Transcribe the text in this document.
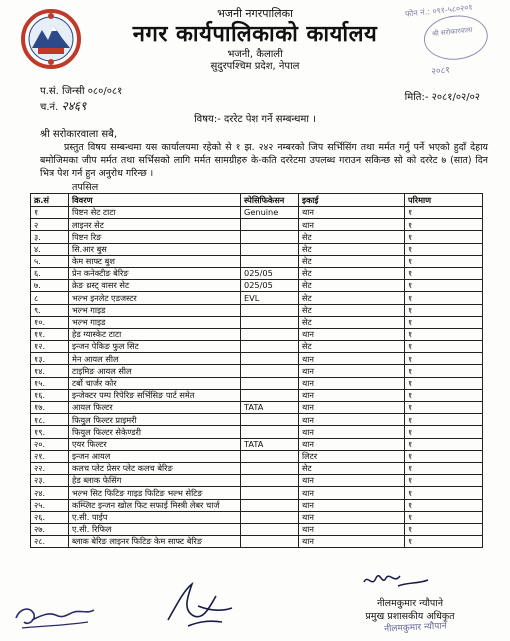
भजनी नगरपालिका
नगर कार्यपालिकाको कार्यालय
भजनी, कैलाली
सुदुरपश्चिम प्रदेश, नेपाल
फोन नं.: ०९१-५८०२०१
श्री सरोकारवाला
२०८१
प.सं. जिन्सी ०८०/०८१
च.नं. २४६९
मिति:- २०८१/०२/०२
विषय:- दररेट पेश गर्ने सम्बन्धमा ।
श्री सरोकारवाला सबै,
प्रस्तुत विषय सम्बन्धमा यस कार्यालयमा रहेको से १ झ. २४२ नम्बरको जिप सर्भिसिंग तथा मर्मत गर्नु पर्ने भएको हुदाँ देहाय बमोजिमका जीप मर्मत तथा सर्भिसको लागि मर्मत सामग्रीहरु के-कति दररेटमा उपलब्ध गराउन सकिन्छ सो को दररेट ७ (सात) दिन भित्र पेश गर्न हुन अनुरोध गरिन्छ ।
तपसिल
क्र.सं	विवरण	स्पेसिफिकेसन	इकाई	परिमाण
१	पिष्टन सेट टाटा	Genuine	थान	१
२	लाइनर सेट		थान	१
३.	पिष्टन रिङ		सेट	१
४.	सि.आर बुस		सेट	१
५.	केम साफ्ट बुश		सेट	१
६.	प्रेन कनेक्टीङ बेरिङ	025/05	सेट	१
७.	क्रेङ थ्रस्ट् वासर सेट	025/05	सेट	१
८	भल्भ इनलेट एडजस्टर	EVL	सेट	१
९.	भल्भ गाइड		सेट	१
१०.	भल्भ गाइड		सेट	१
११.	हेड ग्यास्केट टाटा		थान	१
१२.	इन्जन पेकिङ फुल सिट		सेट	१
१३.	मेन आयल सील		थान	१
१४.	टाइमिङ आयल सील		थान	१
१५.	टर्बो चार्जर कोर		थान	१
१६.	इन्जेक्टर पम्प रिपेरिङ सर्भिसिङ पार्ट समेत		थान	१
१७.	आयल फिल्टर	TATA	थान	१
१८.	फियुल फिल्टर प्राइमरी		थान	१
१९.	फियुल फिल्टर सेकेण्डरी		थान	१
२०.	एयर फिल्टर	TATA	थान	१
२१.	इन्जन आयल		लिटर	१
२२.	कलच प्लेट प्रेसर प्लेट कलच बेरिङ		सेट	१
२३.	हेड ब्लाक फेसिंग		थान	१
२४.	भल्भ सिट फिटिङ गाइड फिटिङ भल्भ सेटिङ		थान	१
२५.	कम्प्लिट इन्जन खोल फिट सफाई मिस्त्री लेबर चार्ज		थान	१
२६.	ए.सी. पाईप		थान	१
२७.	ए.सी. रिफिल		थान	१
२८.	ब्लाक बेरिङ लाइनर फिटिङ केम साफ्ट बेरिङ		थान	१
नीलमकुमार न्यौपाने
प्रमुख प्रशासकीय अधिकृत
नीलमकुमार न्यौपाने
